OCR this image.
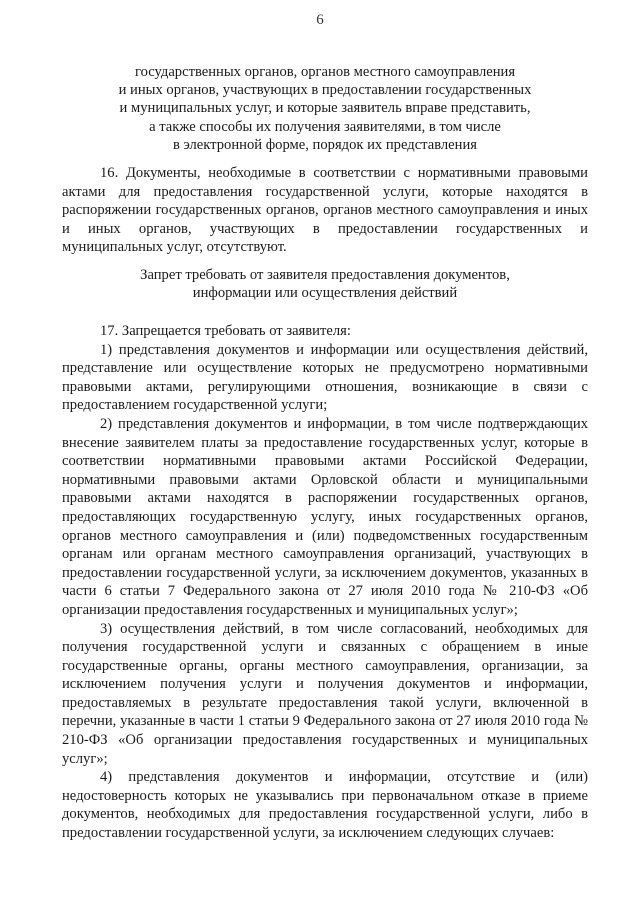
6
государственных органов, органов местного самоуправления
и иных органов, участвующих в предоставлении государственных
и муниципальных услуг, и которые заявитель вправе представить,
а также способы их получения заявителями, в том числе
в электронной форме, порядок их представления

16. Документы, необходимые в соответствии с нормативными правовыми актами для предоставления государственной услуги, которые находятся в распоряжении государственных органов, органов местного самоуправления и иных и иных органов, участвующих в предоставлении государственных и муниципальных услуг, отсутствуют.

Запрет требовать от заявителя предоставления документов,
информации или осуществления действий

17. Запрещается требовать от заявителя:

1) представления документов и информации или осуществления действий, представление или осуществление которых не предусмотрено нормативными правовыми актами, регулирующими отношения, возникающие в связи с предоставлением государственной услуги;

2) представления документов и информации, в том числе подтверждающих внесение заявителем платы за предоставление государственных услуг, которые в соответствии нормативными правовыми актами Российской Федерации, нормативными правовыми актами Орловской области и муниципальными правовыми актами находятся в распоряжении государственных органов, предоставляющих государственную услугу, иных государственных органов, органов местного самоуправления и (или) подведомственных государственным органам или органам местного самоуправления организаций, участвующих в предоставлении государственной услуги, за исключением документов, указанных в части 6 статьи 7 Федерального закона от 27 июля 2010 года № 210-ФЗ «Об организации предоставления государственных и муниципальных услуг»;

3) осуществления действий, в том числе согласований, необходимых для получения государственной услуги и связанных с обращением в иные государственные органы, органы местного самоуправления, организации, за исключением получения услуги и получения документов и информации, предоставляемых в результате предоставления такой услуги, включенной в перечни, указанные в части 1 статьи 9 Федерального закона от 27 июля 2010 года № 210-ФЗ «Об организации предоставления государственных и муниципальных услуг»;

4) представления документов и информации, отсутствие и (или) недостоверность которых не указывались при первоначальном отказе в приеме документов, необходимых для предоставления государственной услуги, либо в предоставлении государственной услуги, за исключением следующих случаев:
